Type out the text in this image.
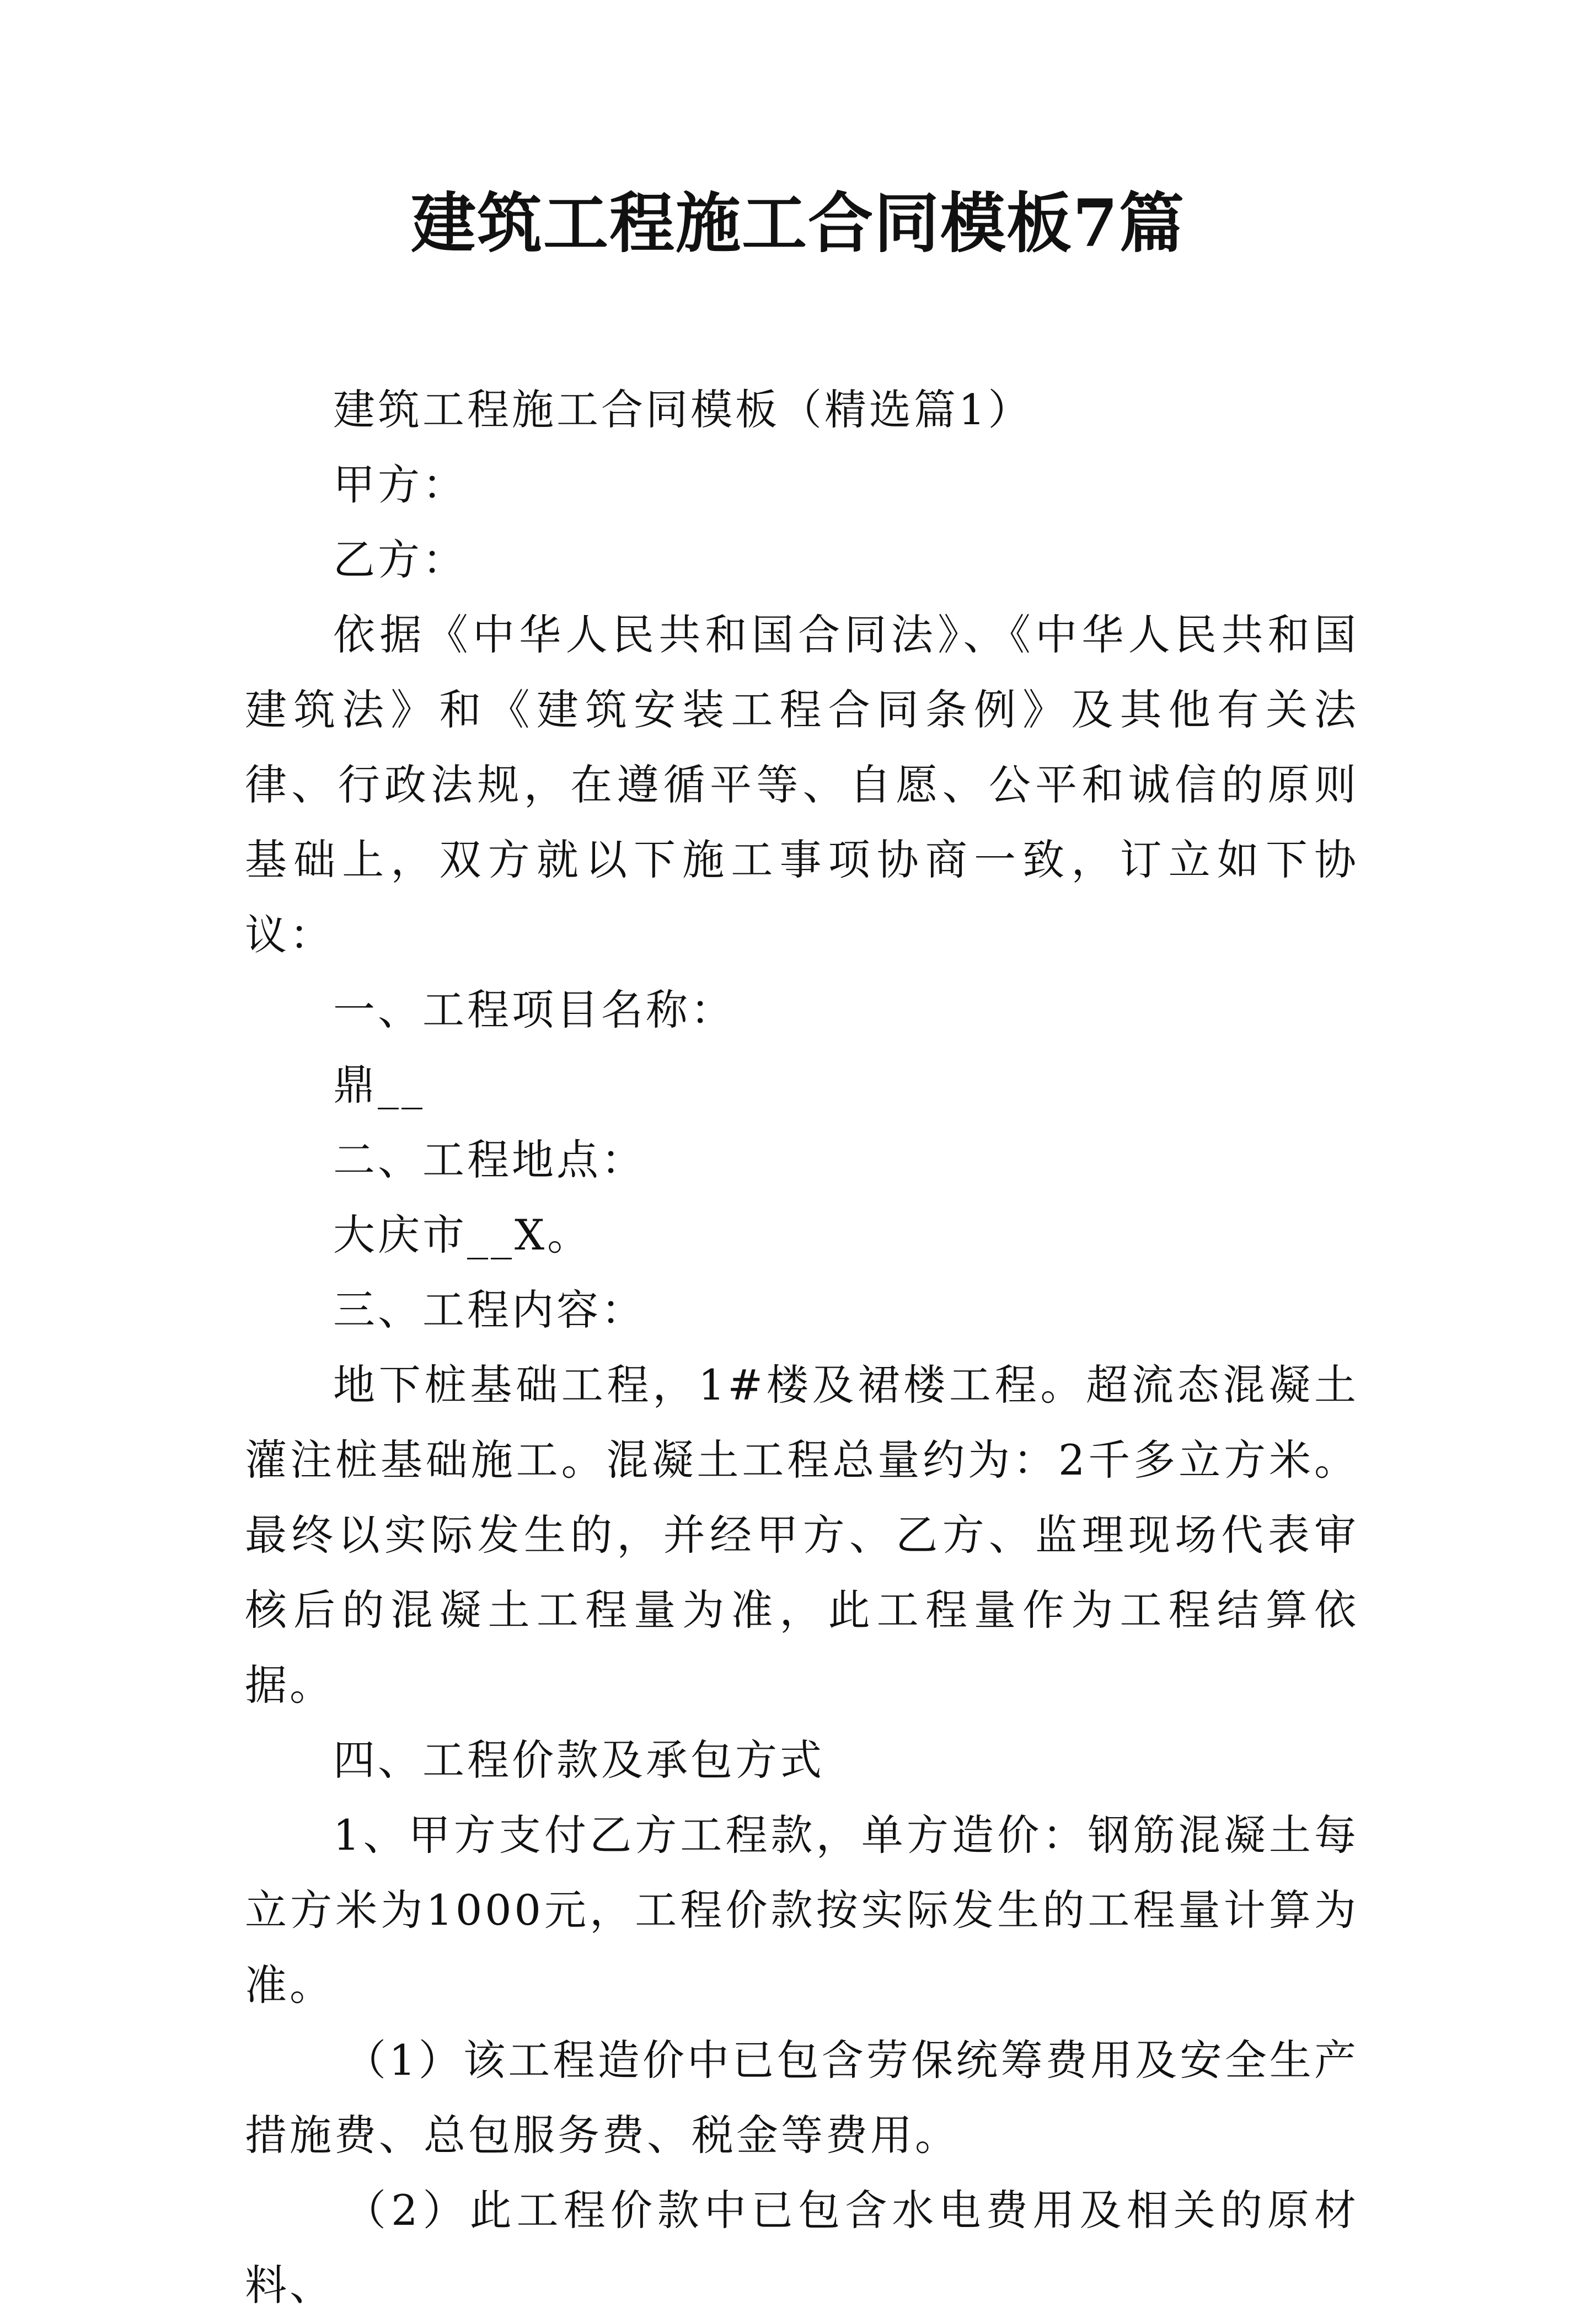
建筑工程施工合同模板7篇

建筑工程施工合同模板（精选篇1）

甲方：

乙方：

依据《中华人民共和国合同法》、《中华人民共和国建筑法》和《建筑安装工程合同条例》及其他有关法律、行政法规，在遵循平等、自愿、公平和诚信的原则基础上，双方就以下施工事项协商一致，订立如下协议：

一、工程项目名称：

鼎__

二、工程地点：

大庆市__X。

三、工程内容：

地下桩基础工程，1#楼及裙楼工程。超流态混凝土灌注桩基础施工。混凝土工程总量约为：2千多立方米。最终以实际发生的，并经甲方、乙方、监理现场代表审核后的混凝土工程量为准，此工程量作为工程结算依据。

四、工程价款及承包方式

1、甲方支付乙方工程款，单方造价：钢筋混凝土每立方米为1000元，工程价款按实际发生的工程量计算为准。

（1）该工程造价中已包含劳保统筹费用及安全生产措施费、总包服务费、税金等费用。

（2）此工程价款中已包含水电费用及相关的原材料、
